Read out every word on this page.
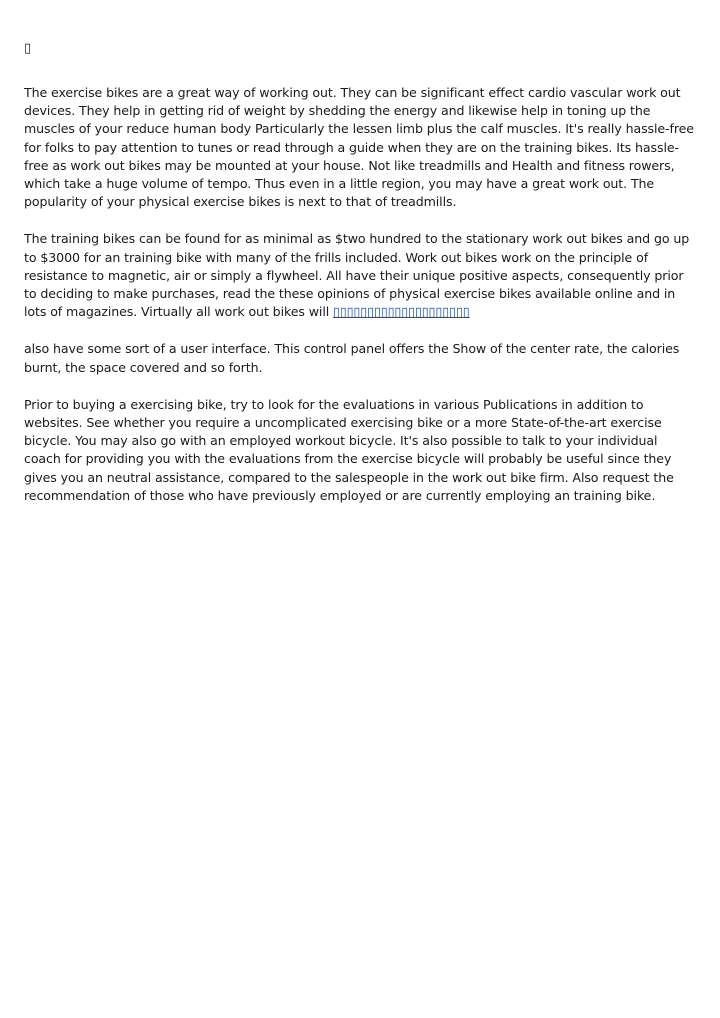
▯

The exercise bikes are a great way of working out. They can be significant effect cardio vascular work out devices. They help in getting rid of weight by shedding the energy and likewise help in toning up the muscles of your reduce human body Particularly the lessen limb plus the calf muscles. It's really hassle-free for folks to pay attention to tunes or read through a guide when they are on the training bikes. Its hassle-free as work out bikes may be mounted at your house. Not like treadmills and Health and fitness rowers, which take a huge volume of tempo. Thus even in a little region, you may have a great work out. The popularity of your physical exercise bikes is next to that of treadmills.

The training bikes can be found for as minimal as $two hundred to the stationary work out bikes and go up to $3000 for an training bike with many of the frills included. Work out bikes work on the principle of resistance to magnetic, air or simply a flywheel. All have their unique positive aspects, consequently prior to deciding to make purchases, read the these opinions of physical exercise bikes available online and in lots of magazines. Virtually all work out bikes will ▯▯▯▯▯▯▯▯▯▯▯▯▯▯▯▯▯▯▯▯

also have some sort of a user interface. This control panel offers the Show of the center rate, the calories burnt, the space covered and so forth.

Prior to buying a exercising bike, try to look for the evaluations in various Publications in addition to websites. See whether you require a uncomplicated exercising bike or a more State-of-the-art exercise bicycle. You may also go with an employed workout bicycle. It's also possible to talk to your individual coach for providing you with the evaluations from the exercise bicycle will probably be useful since they gives you an neutral assistance, compared to the salespeople in the work out bike firm. Also request the recommendation of those who have previously employed or are currently employing an training bike.
